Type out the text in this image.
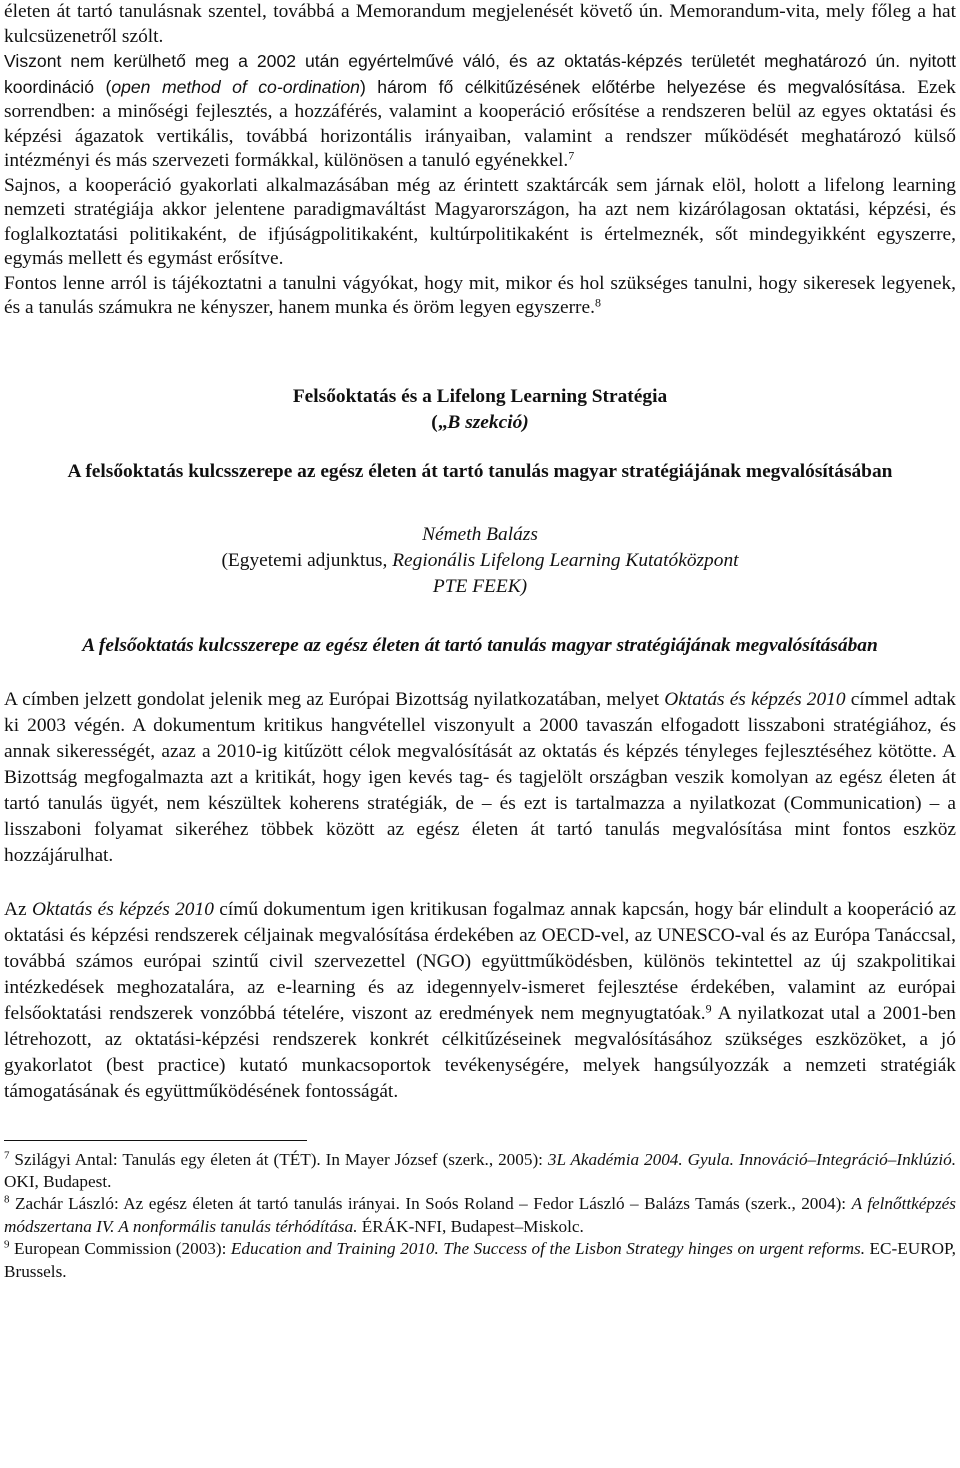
életen át tartó tanulásnak szentel, továbbá a Memorandum megjelenését követő ún. Memorandum-vita, mely főleg a hat kulcsüzenetről szólt.

Viszont nem kerülhető meg a 2002 után egyértelművé váló, és az oktatás-képzés területét meghatározó ún. nyitott koordináció (open method of co-ordination) három fő célkitűzésének előtérbe helyezése és megvalósítása. Ezek sorrendben: a minőségi fejlesztés, a hozzáférés, valamint a kooperáció erősítése a rendszeren belül az egyes oktatási és képzési ágazatok vertikális, továbbá horizontális irányaiban, valamint a rendszer működését meghatározó külső intézményi és más szervezeti formákkal, különösen a tanuló egyénekkel.$^7$

Sajnos, a kooperáció gyakorlati alkalmazásában még az érintett szaktárcák sem járnak elöl, holott a lifelong learning nemzeti stratégiája akkor jelentene paradigmaváltást Magyarországon, ha azt nem kizárólagosan oktatási, képzési, és foglalkoztatási politikaként, de ifjúságpolitikaként, kultúrpolitikaként is értelmeznék, sőt mindegyikként egyszerre, egymás mellett és egymást erősítve.

Fontos lenne arról is tájékoztatni a tanulni vágyókat, hogy mit, mikor és hol szükséges tanulni, hogy sikeresek legyenek, és a tanulás számukra ne kényszer, hanem munka és öröm legyen egyszerre.$^8$

Felsőoktatás és a Lifelong Learning Stratégia
(„B szekció)
A felsőoktatás kulcsszerepe az egész életen át tartó tanulás magyar stratégiájának megvalósításában
Németh Balázs
(Egyetemi adjunktus, Regionális Lifelong Learning Kutatóközpont
PTE FEEK)
A felsőoktatás kulcsszerepe az egész életen át tartó tanulás magyar stratégiájának megvalósításában

A címben jelzett gondolat jelenik meg az Európai Bizottság nyilatkozatában, melyet Oktatás és képzés 2010 címmel adtak ki 2003 végén. A dokumentum kritikus hangvétellel viszonyult a 2000 tavaszán elfogadott lisszaboni stratégiához, és annak sikerességét, azaz a 2010-ig kitűzött célok megvalósítását az oktatás és képzés tényleges fejlesztéséhez kötötte. A Bizottság megfogalmazta azt a kritikát, hogy igen kevés tag- és tagjelölt országban veszik komolyan az egész életen át tartó tanulás ügyét, nem készültek koherens stratégiák, de – és ezt is tartalmazza a nyilatkozat (Communication) – a lisszaboni folyamat sikeréhez többek között az egész életen át tartó tanulás megvalósítása mint fontos eszköz hozzájárulhat.

Az Oktatás és képzés 2010 című dokumentum igen kritikusan fogalmaz annak kapcsán, hogy bár elindult a kooperáció az oktatási és képzési rendszerek céljainak megvalósítása érdekében az OECD-vel, az UNESCO-val és az Európa Tanáccsal, továbbá számos európai szintű civil szervezettel (NGO) együttműködésben, különös tekintettel az új szakpolitikai intézkedések meghozatalára, az e-learning és az idegennyelv-ismeret fejlesztése érdekében, valamint az európai felsőoktatási rendszerek vonzóbbá tételére, viszont az eredmények nem megnyugtatóak.$^9$ A nyilatkozat utal a 2001-ben létrehozott, az oktatási-képzési rendszerek konkrét célkitűzéseinek megvalósításához szükséges eszközöket, a jó gyakorlatot (best practice) kutató munkacsoportok tevékenységére, melyek hangsúlyozzák a nemzeti stratégiák támogatásának és együttműködésének fontosságát.

$^7$ Szilágyi Antal: Tanulás egy életen át (TÉT). In Mayer József (szerk., 2005): 3L Akadémia 2004. Gyula. Innováció–Integráció–Inklúzió. OKI, Budapest.

$^8$ Zachár László: Az egész életen át tartó tanulás irányai. In Soós Roland – Fedor László – Balázs Tamás (szerk., 2004): A felnőttképzés módszertana IV. A nonformális tanulás térhódítása. ÉRÁK-NFI, Budapest–Miskolc.

$^9$ European Commission (2003): Education and Training 2010. The Success of the Lisbon Strategy hinges on urgent reforms. EC-EUROP, Brussels.
